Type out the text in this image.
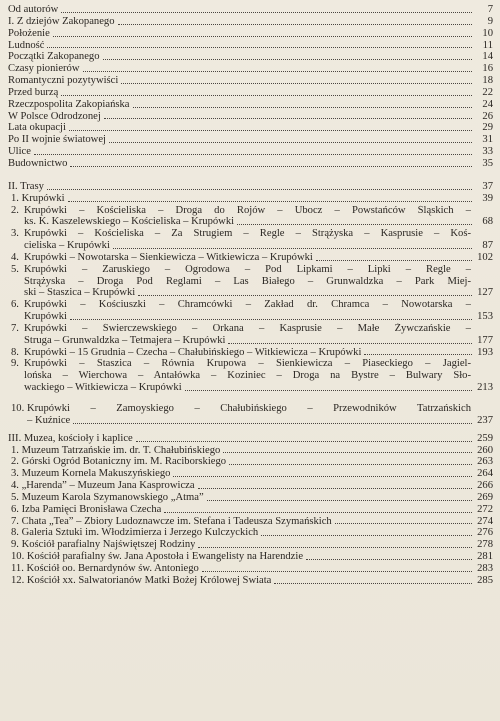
Od autorów	7
I. Z dziejów Zakopanego	9
Położenie	10
Ludność	11
Początki Zakopanego	14
Czasy pionierów	16
Romantyczni pozytywiści	18
Przed burzą	22
Rzeczpospolita Zakopiańska	24
W Polsce Odrodzonej	26
Lata okupacji	29
Po II wojnie światowej	31
Ulice	33
Budownictwo	35
II. Trasy	37
1. Krupówki	39
2. Krupówki – Kościeliska – Droga do Rojów – Ubocz – Powstańców Śląskich –
ks. K. Kaszelewskiego – Kościeliska – Krupówki	68
3. Krupówki – Kościeliska – Za Strugiem – Regle – Strążyska – Kasprusie – Koś-
cieliska – Krupówki	87
4. Krupówki – Nowotarska – Sienkiewicza – Witkiewicza – Krupówki	102
5. Krupówki – Zaruskiego – Ogrodowa – Pod Lipkami – Lipki – Regle –
Strążyska – Droga Pod Reglami – Las Białego – Grunwaldzka – Park Miej-
ski – Staszica – Krupówki	127
6. Krupówki – Kościuszki – Chramcówki – Zakład dr. Chramca – Nowotarska –
Krupówki	153
7. Krupówki – Świerczewskiego – Orkana – Kasprusie – Małe Żywczańskie –
Struga – Grunwaldzka – Tetmajera – Krupówki	177
8. Krupówki – 15 Grudnia – Czecha – Chałubińskiego – Witkiewicza – Krupówki	193
9. Krupówki – Staszica – Równia Krupowa – Sienkiewicza – Piaseckiego – Jagiel-
lońska – Wierchowa – Antałówka – Koziniec – Droga na Bystre – Bulwary Sło-
wackiego – Witkiewicza – Krupówki	213
10. Krupówki – Zamoyskiego – Chałubińskiego – Przewodników Tatrzańskich
– Kuźnice	237
III. Muzea, kościoły i kaplice	259
1. Muzeum Tatrzańskie im. dr. T. Chałubińskiego	260
2. Górski Ogród Botaniczny im. M. Raciborskiego	263
3. Muzeum Kornela Makuszyńskiego	264
4. „Harenda” – Muzeum Jana Kasprowicza	266
5. Muzeum Karola Szymanowskiego „Atma”	269
6. Izba Pamięci Bronisława Czecha	272
7. Chata „Tea” – Zbiory Ludoznawcze im. Stefana i Tadeusza Szymańskich	274
8. Galeria Sztuki im. Włodzimierza i Jerzego Kulczyckich	276
9. Kościół parafialny Najświętszej Rodziny	278
10. Kościół parafialny św. Jana Apostoła i Ewangelisty na Harendzie	281
11. Kościół oo. Bernardynów św. Antoniego	283
12. Kościół xx. Salwatorianów Matki Bożej Królowej Świata	285
